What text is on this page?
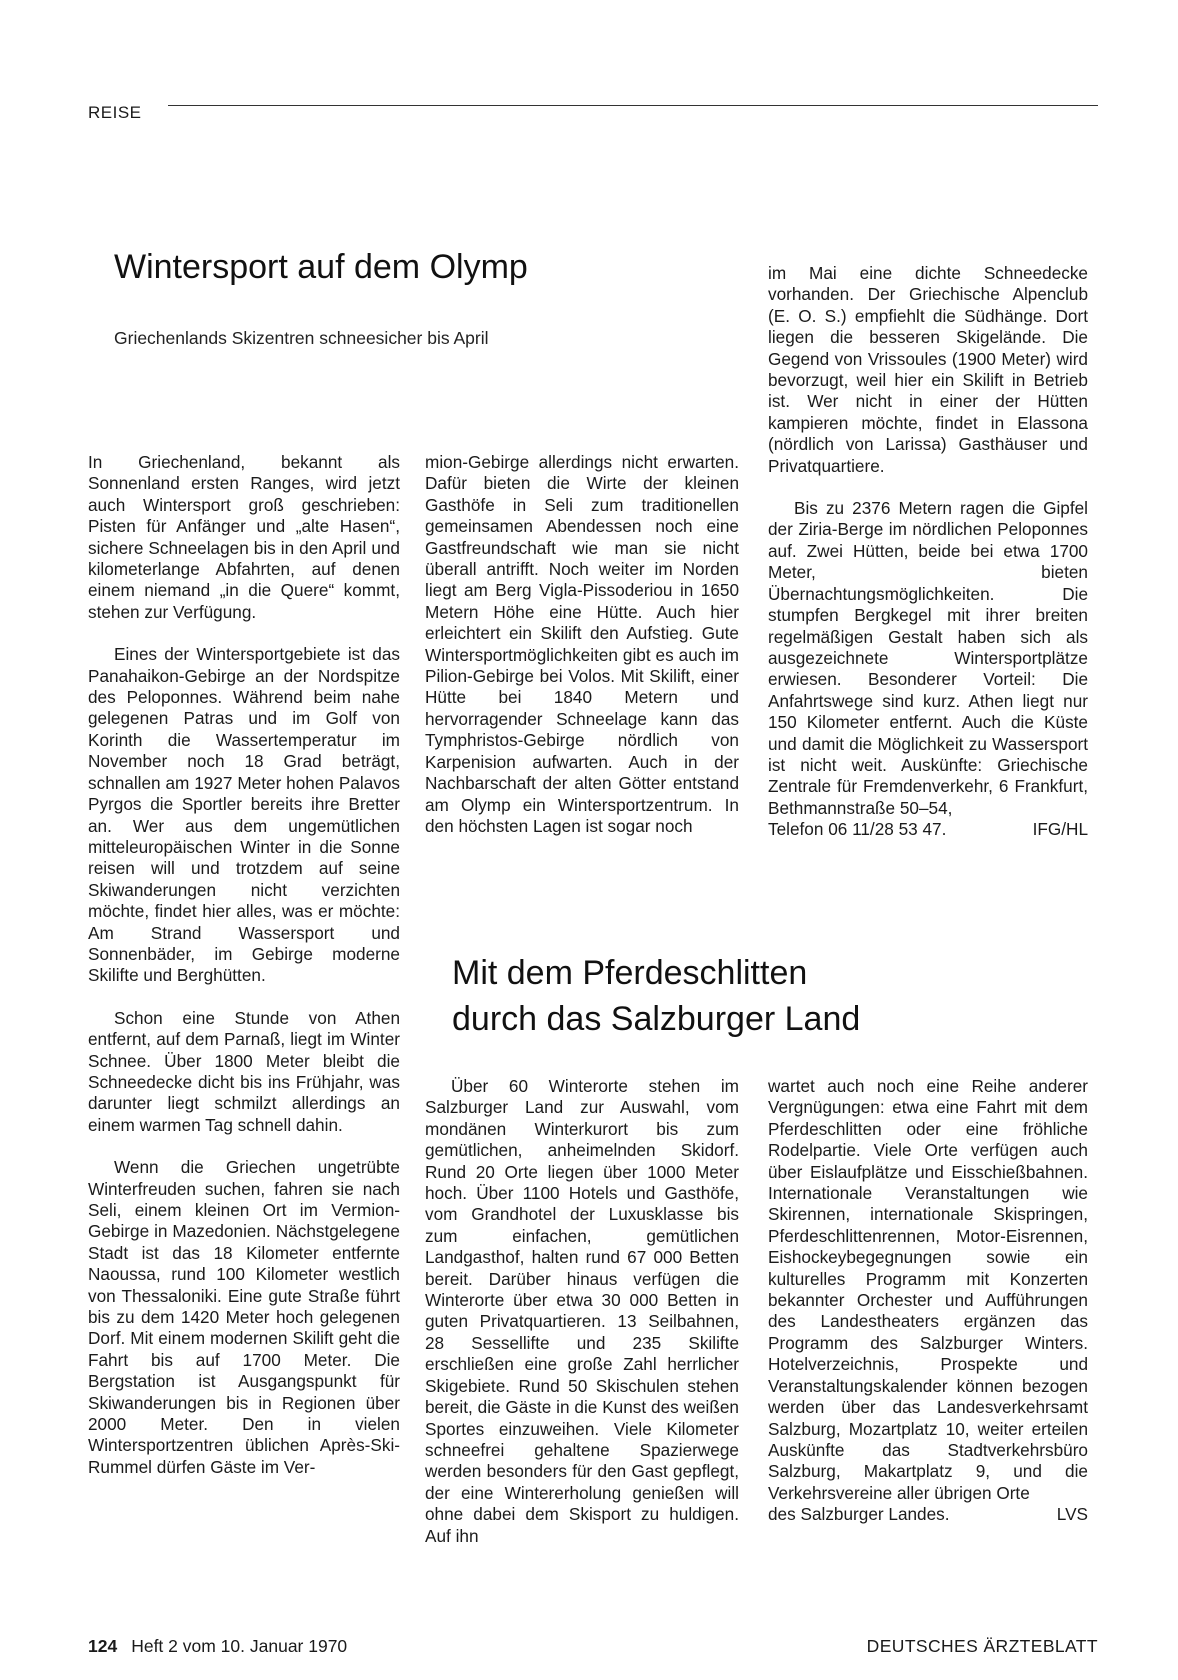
REISE
Wintersport auf dem Olymp
Griechenlands Skizentren schneesicher bis April

In Griechenland, bekannt als Sonnenland ersten Ranges, wird jetzt auch Wintersport groß geschrieben: Pisten für Anfänger und „alte Hasen“, sichere Schneelagen bis in den April und kilometerlange Abfahrten, auf denen einem niemand „in die Quere“ kommt, stehen zur Verfügung.

Eines der Wintersportgebiete ist das Panahaikon-Gebirge an der Nordspitze des Peloponnes. Während beim nahe gelegenen Patras und im Golf von Korinth die Wassertemperatur im November noch 18 Grad beträgt, schnallen am 1927 Meter hohen Palavos Pyrgos die Sportler bereits ihre Bretter an. Wer aus dem ungemütlichen mitteleuropäischen Winter in die Sonne reisen will und trotzdem auf seine Skiwanderungen nicht verzichten möchte, findet hier alles, was er möchte: Am Strand Wassersport und Sonnenbäder, im Gebirge moderne Skilifte und Berghütten.

Schon eine Stunde von Athen entfernt, auf dem Parnaß, liegt im Winter Schnee. Über 1800 Meter bleibt die Schneedecke dicht bis ins Frühjahr, was darunter liegt schmilzt allerdings an einem warmen Tag schnell dahin.

Wenn die Griechen ungetrübte Winterfreuden suchen, fahren sie nach Seli, einem kleinen Ort im Vermion-Gebirge in Mazedonien. Nächstgelegene Stadt ist das 18 Kilometer entfernte Naoussa, rund 100 Kilometer westlich von Thessaloniki. Eine gute Straße führt bis zu dem 1420 Meter hoch gelegenen Dorf. Mit einem modernen Skilift geht die Fahrt bis auf 1700 Meter. Die Bergstation ist Ausgangspunkt für Skiwanderungen bis in Regionen über 2000 Meter. Den in vielen Wintersportzentren üblichen Après-Ski-Rummel dürfen Gäste im Ver-

mion-Gebirge allerdings nicht erwarten. Dafür bieten die Wirte der kleinen Gasthöfe in Seli zum traditionellen gemeinsamen Abendessen noch eine Gastfreundschaft wie man sie nicht überall antrifft. Noch weiter im Norden liegt am Berg Vigla-Pissoderiou in 1650 Metern Höhe eine Hütte. Auch hier erleichtert ein Skilift den Aufstieg. Gute Wintersportmöglichkeiten gibt es auch im Pilion-Gebirge bei Volos. Mit Skilift, einer Hütte bei 1840 Metern und hervorragender Schneelage kann das Tymphristos-Gebirge nördlich von Karpenision aufwarten. Auch in der Nachbarschaft der alten Götter entstand am Olymp ein Wintersportzentrum. In den höchsten Lagen ist sogar noch

im Mai eine dichte Schneedecke vorhanden. Der Griechische Alpenclub (E. O. S.) empfiehlt die Südhänge. Dort liegen die besseren Skigelände. Die Gegend von Vrissoules (1900 Meter) wird bevorzugt, weil hier ein Skilift in Betrieb ist. Wer nicht in einer der Hütten kampieren möchte, findet in Elassona (nördlich von Larissa) Gasthäuser und Privatquartiere.

Bis zu 2376 Metern ragen die Gipfel der Ziria-Berge im nördlichen Peloponnes auf. Zwei Hütten, beide bei etwa 1700 Meter, bieten Übernachtungsmöglichkeiten. Die stumpfen Bergkegel mit ihrer breiten regelmäßigen Gestalt haben sich als ausgezeichnete Wintersportplätze erwiesen. Besonderer Vorteil: Die Anfahrtswege sind kurz. Athen liegt nur 150 Kilometer entfernt. Auch die Küste und damit die Möglichkeit zu Wassersport ist nicht weit. Auskünfte: Griechische Zentrale für Fremdenverkehr, 6 Frankfurt, Bethmannstraße 50–54,

Telefon 06 11/28 53 47.	IFG/HL
Mit dem Pferdeschlitten
durch das Salzburger Land

Über 60 Winterorte stehen im Salzburger Land zur Auswahl, vom mondänen Winterkurort bis zum gemütlichen, anheimelnden Skidorf. Rund 20 Orte liegen über 1000 Meter hoch. Über 1100 Hotels und Gasthöfe, vom Grandhotel der Luxusklasse bis zum einfachen, gemütlichen Landgasthof, halten rund 67 000 Betten bereit. Darüber hinaus verfügen die Winterorte über etwa 30 000 Betten in guten Privatquartieren. 13 Seilbahnen, 28 Sessellifte und 235 Skilifte erschließen eine große Zahl herrlicher Skigebiete. Rund 50 Skischulen stehen bereit, die Gäste in die Kunst des weißen Sportes einzuweihen. Viele Kilometer schneefrei gehaltene Spazierwege werden besonders für den Gast gepflegt, der eine Wintererholung genießen will ohne dabei dem Skisport zu huldigen. Auf ihn

wartet auch noch eine Reihe anderer Vergnügungen: etwa eine Fahrt mit dem Pferdeschlitten oder eine fröhliche Rodelpartie. Viele Orte verfügen auch über Eislaufplätze und Eisschießbahnen. Internationale Veranstaltungen wie Skirennen, internationale Skispringen, Pferdeschlittenrennen, Motor-Eisrennen, Eishockeybegegnungen sowie ein kulturelles Programm mit Konzerten bekannter Orchester und Aufführungen des Landestheaters ergänzen das Programm des Salzburger Winters. Hotelverzeichnis, Prospekte und Veranstaltungskalender können bezogen werden über das Landesverkehrsamt Salzburg, Mozartplatz 10, weiter erteilen Auskünfte das Stadtverkehrsbüro Salzburg, Makartplatz 9, und die Verkehrsvereine aller übrigen Orte

des Salzburger Landes.	LVS
124 Heft 2 vom 10. Januar 1970	DEUTSCHES ÄRZTEBLATT
